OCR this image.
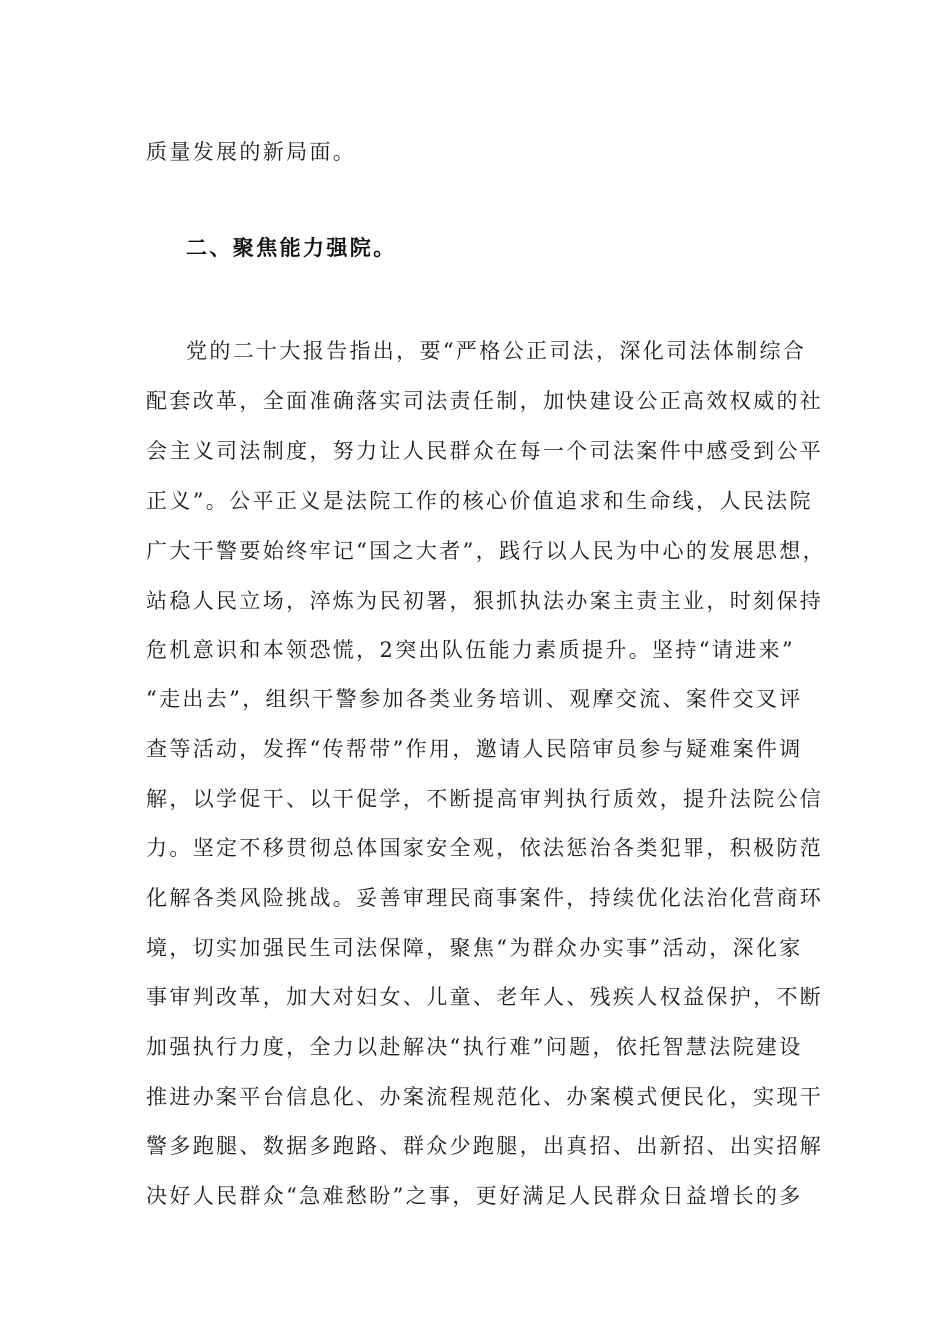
质量发展的新局面。
二、聚焦能力强院。
党的二十大报告指出，要“严格公正司法，深化司法体制综合
配套改革，全面准确落实司法责任制，加快建设公正高效权威的社
会主义司法制度，努力让人民群众在每一个司法案件中感受到公平
正义”。公平正义是法院工作的核心价值追求和生命线，人民法院
广大干警要始终牢记“国之大者”，践行以人民为中心的发展思想，
站稳人民立场，淬炼为民初署，狠抓执法办案主责主业，时刻保持
危机意识和本领恐慌，2突出队伍能力素质提升。坚持“请进来”
“走出去”，组织干警参加各类业务培训、观摩交流、案件交叉评
查等活动，发挥“传帮带”作用，邀请人民陪审员参与疑难案件调
解，以学促干、以干促学，不断提高审判执行质效，提升法院公信
力。坚定不移贯彻总体国家安全观，依法惩治各类犯罪，积极防范
化解各类风险挑战。妥善审理民商事案件，持续优化法治化营商环
境，切实加强民生司法保障，聚焦“为群众办实事”活动，深化家
事审判改革，加大对妇女、儿童、老年人、残疾人权益保护，不断
加强执行力度，全力以赴解决“执行难”问题，依托智慧法院建设
推进办案平台信息化、办案流程规范化、办案模式便民化，实现干
警多跑腿、数据多跑路、群众少跑腿，出真招、出新招、出实招解
决好人民群众“急难愁盼”之事，更好满足人民群众日益增长的多
